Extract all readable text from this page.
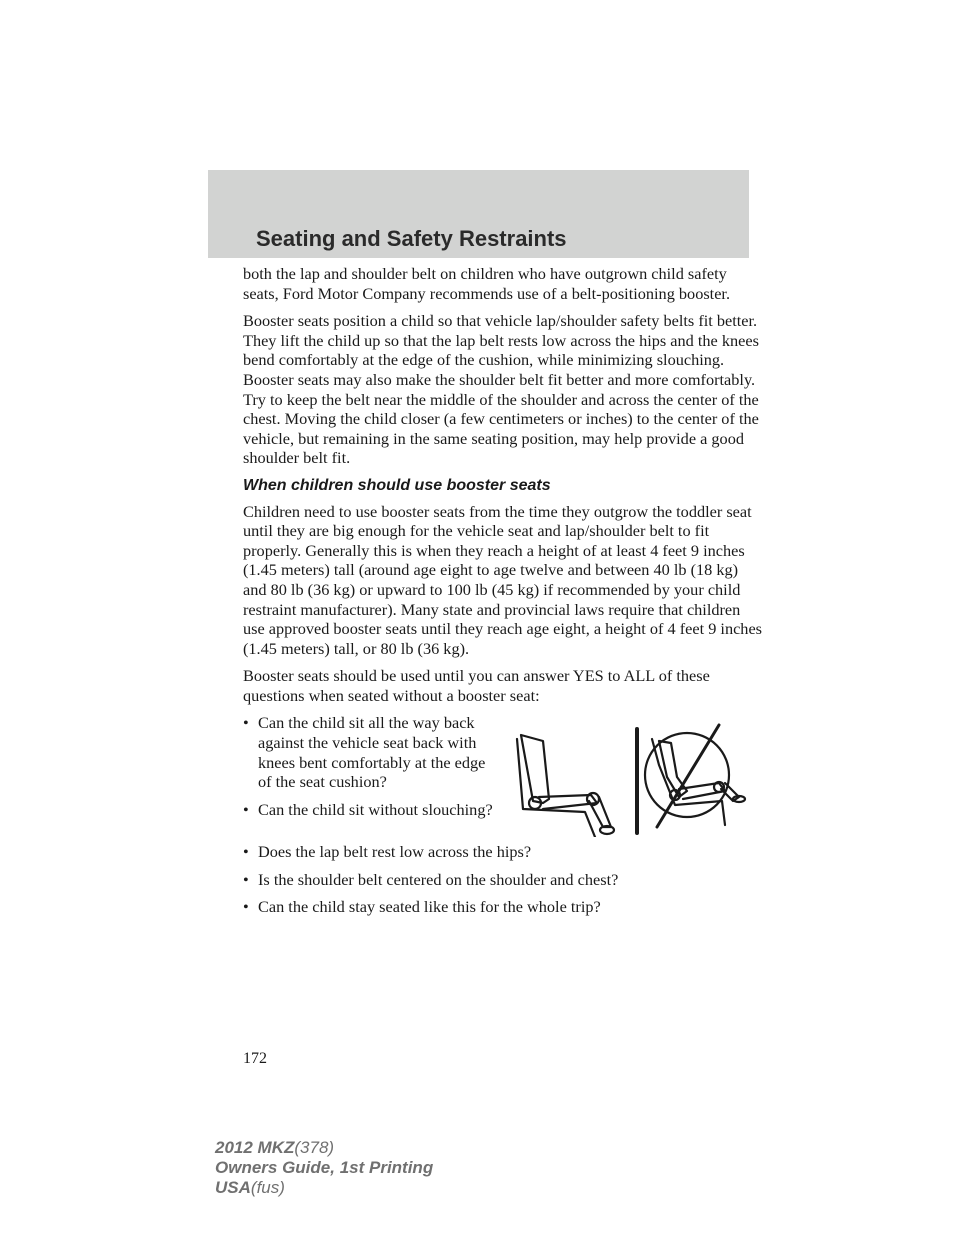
Seating and Safety Restraints

both the lap and shoulder belt on children who have outgrown child safety seats, Ford Motor Company recommends use of a belt-positioning booster.

Booster seats position a child so that vehicle lap/shoulder safety belts fit better. They lift the child up so that the lap belt rests low across the hips and the knees bend comfortably at the edge of the cushion, while minimizing slouching. Booster seats may also make the shoulder belt fit better and more comfortably. Try to keep the belt near the middle of the shoulder and across the center of the chest. Moving the child closer (a few centimeters or inches) to the center of the vehicle, but remaining in the same seating position, may help provide a good shoulder belt fit.

When children should use booster seats

Children need to use booster seats from the time they outgrow the toddler seat until they are big enough for the vehicle seat and lap/shoulder belt to fit properly. Generally this is when they reach a height of at least 4 feet 9 inches (1.45 meters) tall (around age eight to age twelve and between 40 lb (18 kg) and 80 lb (36 kg) or upward to 100 lb (45 kg) if recommended by your child restraint manufacturer). Many state and provincial laws require that children use approved booster seats until they reach age eight, a height of 4 feet 9 inches (1.45 meters) tall, or 80 lb (36 kg).

Booster seats should be used until you can answer YES to ALL of these questions when seated without a booster seat:

• Can the child sit all the way back against the vehicle seat back with knees bent comfortably at the edge of the seat cushion?
• Can the child sit without slouching?
• Does the lap belt rest low across the hips?
• Is the shoulder belt centered on the shoulder and chest?
• Can the child stay seated like this for the whole trip?
172
2012 MKZ(378)
Owners Guide, 1st Printing
USA(fus)
